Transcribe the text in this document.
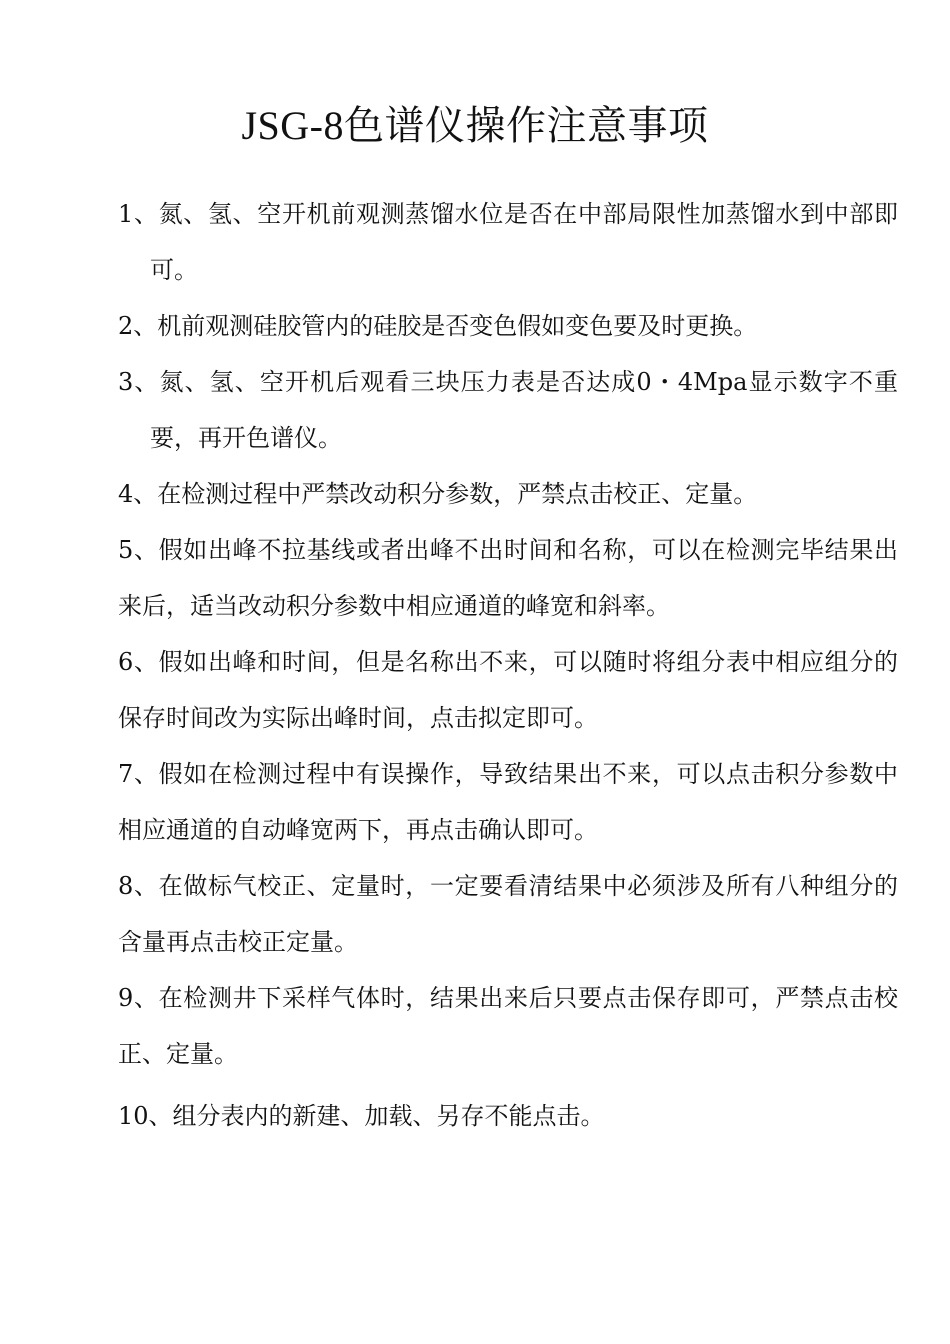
JSG-8色谱仪操作注意事项
1、氮、氢、空开机前观测蒸馏水位是否在中部局限性加蒸馏水到中部即可。
2、机前观测硅胶管内的硅胶是否变色假如变色要及时更换。
3、氮、氢、空开机后观看三块压力表是否达成0・4Mpa显示数字不重要，再开色谱仪。
4、在检测过程中严禁改动积分参数，严禁点击校正、定量。
5、假如出峰不拉基线或者出峰不出时间和名称，可以在检测完毕结果出来后，适当改动积分参数中相应通道的峰宽和斜率。
6、假如出峰和时间，但是名称出不来，可以随时将组分表中相应组分的保存时间改为实际出峰时间，点击拟定即可。
7、假如在检测过程中有误操作，导致结果出不来，可以点击积分参数中相应通道的自动峰宽两下，再点击确认即可。
8、在做标气校正、定量时，一定要看清结果中必须涉及所有八种组分的含量再点击校正定量。
9、在检测井下采样气体时，结果出来后只要点击保存即可，严禁点击校正、定量。
10、组分表内的新建、加载、另存不能点击。
